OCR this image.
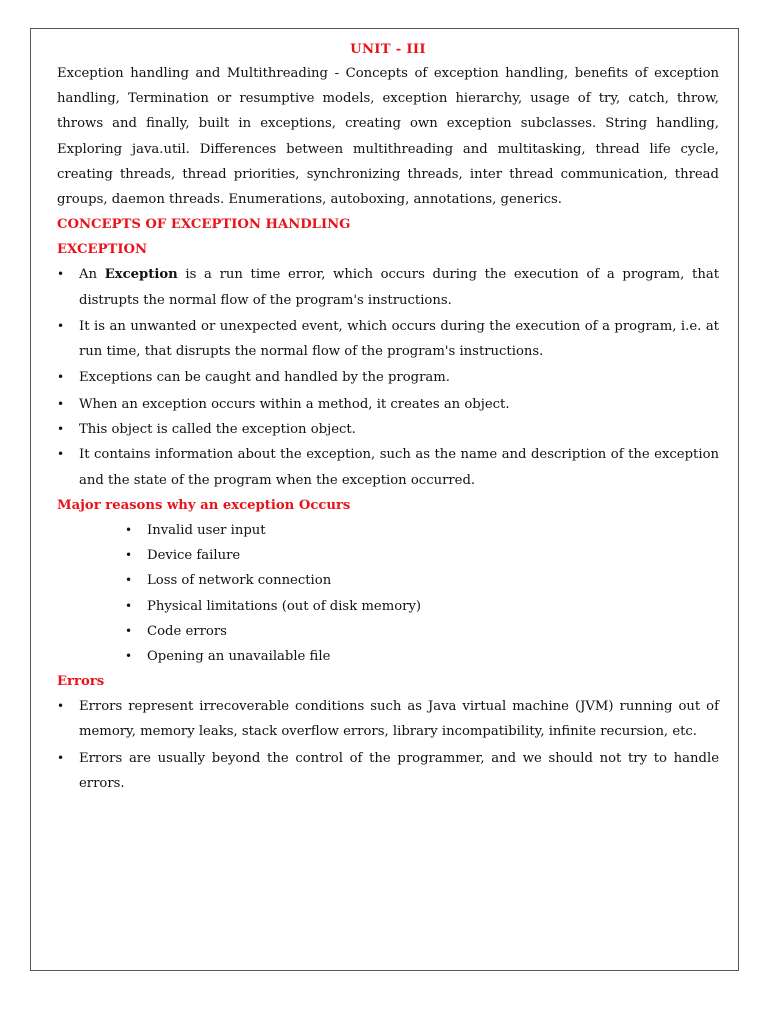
UNIT - III

Exception handling and Multithreading - Concepts of exception handling, benefits of exception handling, Termination or resumptive models, exception hierarchy, usage of try, catch, throw, throws and finally, built in exceptions, creating own exception subclasses. String handling, Exploring java.util. Differences between multithreading and multitasking, thread life cycle, creating threads, thread priorities, synchronizing threads, inter thread communication, thread groups, daemon threads. Enumerations, autoboxing, annotations, generics.

CONCEPTS OF EXCEPTION HANDLING

EXCEPTION

• An Exception is a run time error, which occurs during the execution of a program, that distrupts the normal flow of the program's instructions.
• It is an unwanted or unexpected event, which occurs during the execution of a program, i.e. at run time, that disrupts the normal flow of the program's instructions.
• Exceptions can be caught and handled by the program.
• When an exception occurs within a method, it creates an object.
• This object is called the exception object.
• It contains information about the exception, such as the name and description of the exception and the state of the program when the exception occurred.

Major reasons why an exception Occurs

• Invalid user input
• Device failure
• Loss of network connection
• Physical limitations (out of disk memory)
• Code errors
• Opening an unavailable file

Errors

• Errors represent irrecoverable conditions such as Java virtual machine (JVM) running out of memory, memory leaks, stack overflow errors, library incompatibility, infinite recursion, etc.
• Errors are usually beyond the control of the programmer, and we should not try to handle errors.
